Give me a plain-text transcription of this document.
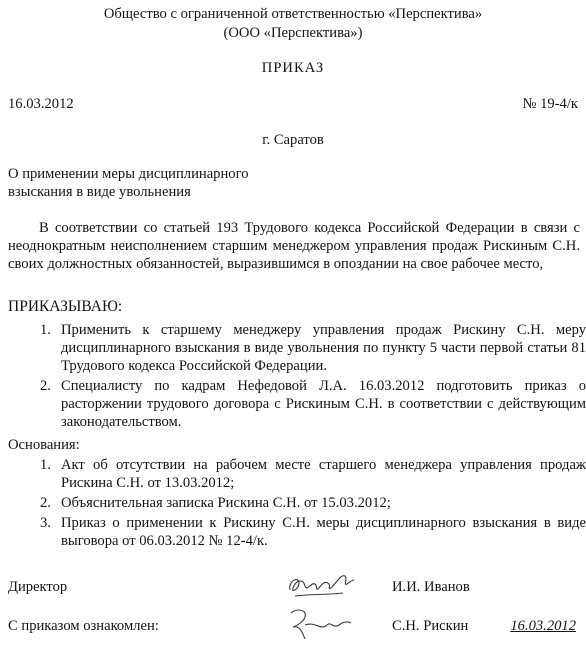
Общество с ограниченной ответственностью «Перспектива»
(ООО «Перспектива»)
ПРИКАЗ
16.03.2012	№ 19-4/к
г. Саратов
О применении меры дисциплинарного
взыскания в виде увольнения
В соответствии со статьей 193 Трудового кодекса Российской Федерации в связи с неоднократным неисполнением старшим менеджером управления продаж Рискиным С.Н. своих должностных обязанностей, выразившимся в опоздании на свое рабочее место,
ПРИКАЗЫВАЮ:
1. Применить к старшему менеджеру управления продаж Рискину С.Н. меру дисциплинарного взыскания в виде увольнения по пункту 5 части первой статьи 81 Трудового кодекса Российской Федерации.
2. Специалисту по кадрам Нефедовой Л.А. 16.03.2012 подготовить приказ о расторжении трудового договора с Рискиным С.Н. в соответствии с действующим законодательством.
Основания:
1. Акт об отсутствии на рабочем месте старшего менеджера управления продаж Рискина С.Н. от 13.03.2012;
2. Объяснительная записка Рискина С.Н. от 15.03.2012;
3. Приказ о применении к Рискину С.Н. меры дисциплинарного взыскания в виде выговора от 06.03.2012 № 12-4/к.
Директор	И.И. Иванов
С приказом ознакомлен:	С.Н. Рискин	16.03.2012
